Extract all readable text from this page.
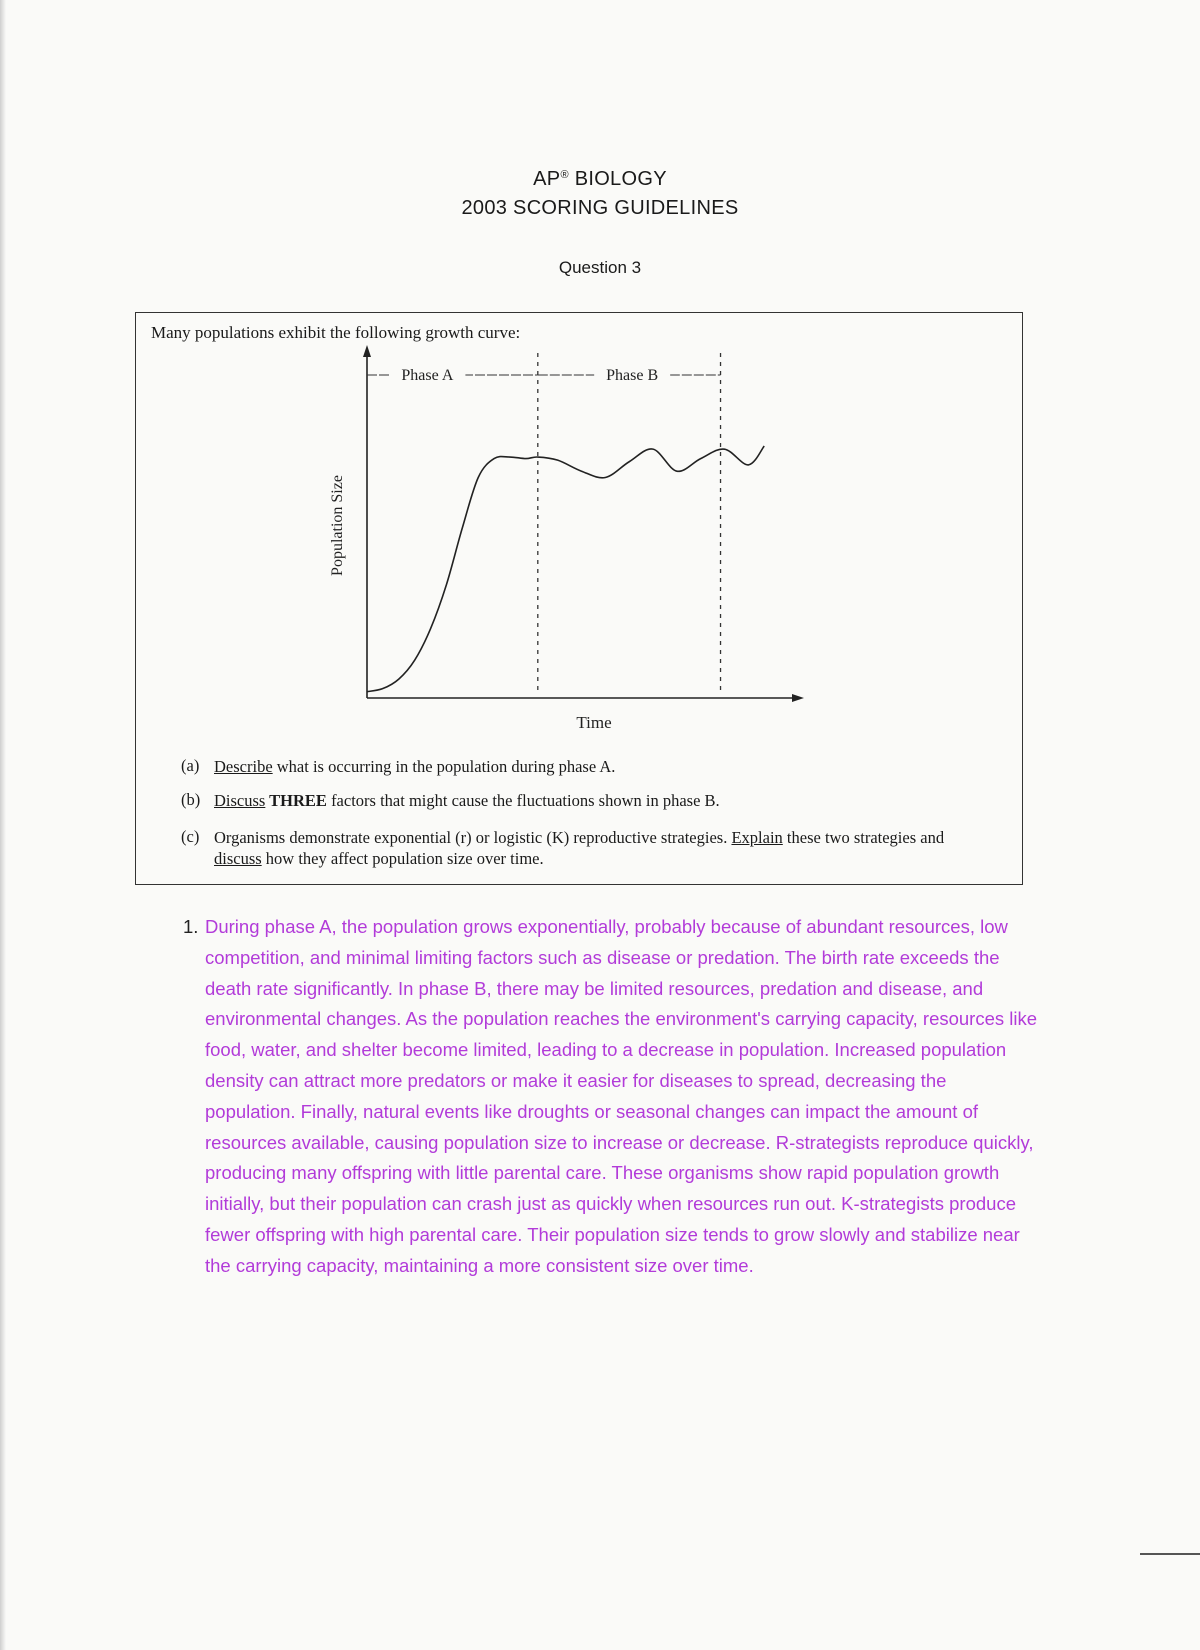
AP® BIOLOGY
2003 SCORING GUIDELINES
Question 3
Many populations exhibit the following growth curve:
Phase A	Phase B
Time
Population Size
(a) Describe what is occurring in the population during phase A.
(b) Discuss THREE factors that might cause the fluctuations shown in phase B.
(c) Organisms demonstrate exponential (r) or logistic (K) reproductive strategies. Explain these two strategies and discuss how they affect population size over time.
1. During phase A, the population grows exponentially, probably because of abundant resources, low competition, and minimal limiting factors such as disease or predation. The birth rate exceeds the death rate significantly. In phase B, there may be limited resources, predation and disease, and environmental changes. As the population reaches the environment's carrying capacity, resources like food, water, and shelter become limited, leading to a decrease in population. Increased population density can attract more predators or make it easier for diseases to spread, decreasing the population. Finally, natural events like droughts or seasonal changes can impact the amount of resources available, causing population size to increase or decrease. R-strategists reproduce quickly, producing many offspring with little parental care. These organisms show rapid population growth initially, but their population can crash just as quickly when resources run out. K-strategists produce fewer offspring with high parental care. Their population size tends to grow slowly and stabilize near the carrying capacity, maintaining a more consistent size over time.
